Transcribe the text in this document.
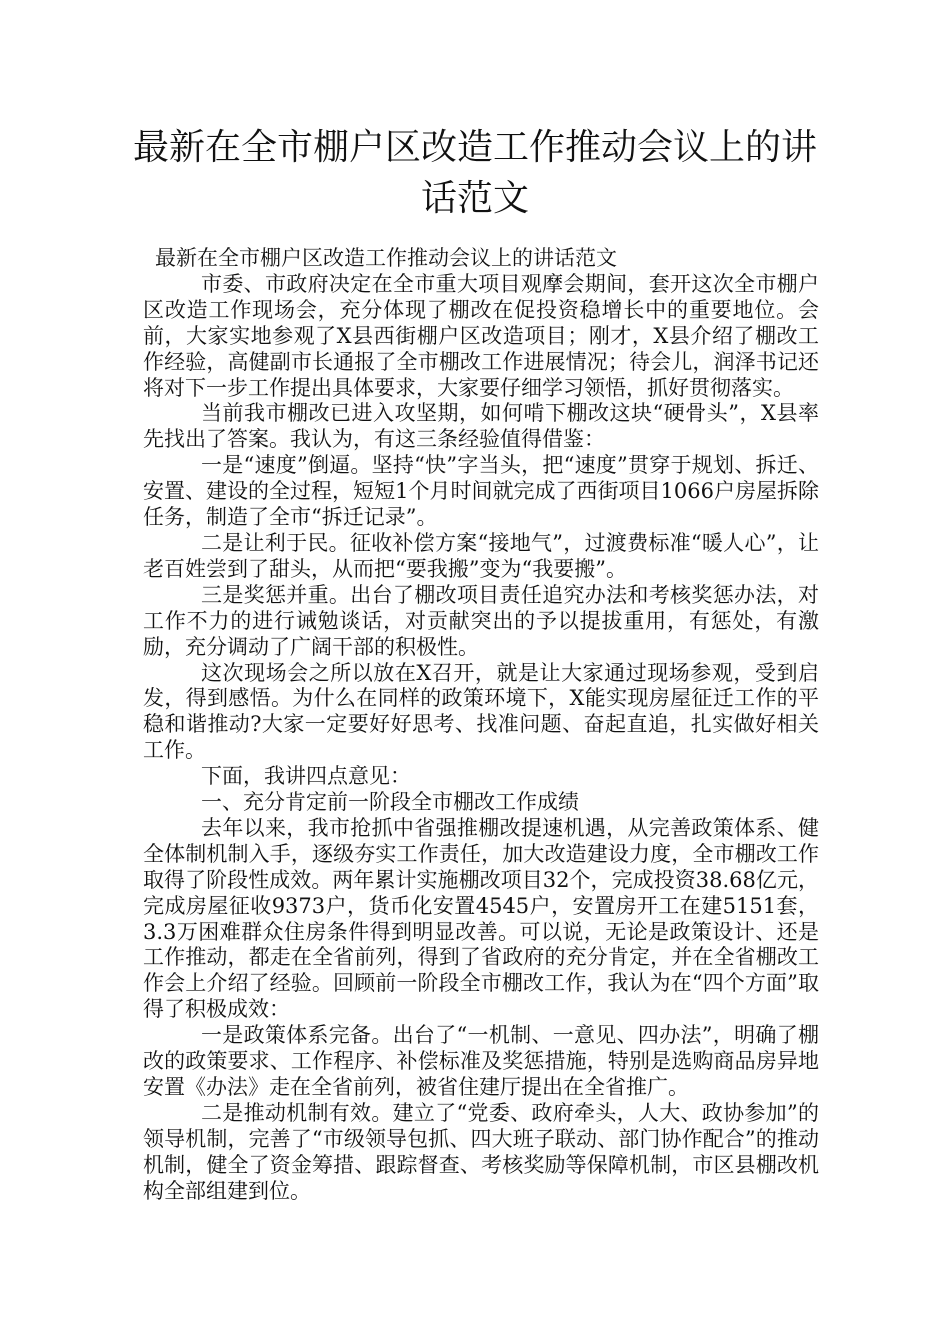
最新在全市棚户区改造工作推动会议上的讲话范文

最新在全市棚户区改造工作推动会议上的讲话范文

市委、市政府决定在全市重大项目观摩会期间，套开这次全市棚户区改造工作现场会，充分体现了棚改在促投资稳增长中的重要地位。会前，大家实地参观了X县西街棚户区改造项目；刚才，X县介绍了棚改工作经验，高健副市长通报了全市棚改工作进展情况；待会儿，润泽书记还将对下一步工作提出具体要求，大家要仔细学习领悟，抓好贯彻落实。

当前我市棚改已进入攻坚期，如何啃下棚改这块“硬骨头”，X县率先找出了答案。我认为，有这三条经验值得借鉴：

一是“速度”倒逼。坚持“快”字当头，把“速度”贯穿于规划、拆迁、安置、建设的全过程，短短1个月时间就完成了西街项目1066户房屋拆除任务，制造了全市“拆迁记录”。

二是让利于民。征收补偿方案“接地气”，过渡费标准“暖人心”，让老百姓尝到了甜头，从而把“要我搬”变为“我要搬”。

三是奖惩并重。出台了棚改项目责任追究办法和考核奖惩办法，对工作不力的进行诫勉谈话，对贡献突出的予以提拔重用，有惩处，有激励，充分调动了广阔干部的积极性。

这次现场会之所以放在X召开，就是让大家通过现场参观，受到启发，得到感悟。为什么在同样的政策环境下，X能实现房屋征迁工作的平稳和谐推动?大家一定要好好思考、找准问题、奋起直追，扎实做好相关工作。

下面，我讲四点意见：

一、充分肯定前一阶段全市棚改工作成绩

去年以来，我市抢抓中省强推棚改提速机遇，从完善政策体系、健全体制机制入手，逐级夯实工作责任，加大改造建设力度，全市棚改工作取得了阶段性成效。两年累计实施棚改项目32个，完成投资38.68亿元，完成房屋征收9373户，货币化安置4545户，安置房开工在建5151套，3.3万困难群众住房条件得到明显改善。可以说，无论是政策设计、还是工作推动，都走在全省前列，得到了省政府的充分肯定，并在全省棚改工作会上介绍了经验。回顾前一阶段全市棚改工作，我认为在“四个方面”取得了积极成效：

一是政策体系完备。出台了“一机制、一意见、四办法”，明确了棚改的政策要求、工作程序、补偿标准及奖惩措施，特别是选购商品房异地安置《办法》走在全省前列，被省住建厅提出在全省推广。

二是推动机制有效。建立了“党委、政府牵头，人大、政协参加”的领导机制，完善了“市级领导包抓、四大班子联动、部门协作配合”的推动机制，健全了资金筹措、跟踪督查、考核奖励等保障机制，市区县棚改机构全部组建到位。
